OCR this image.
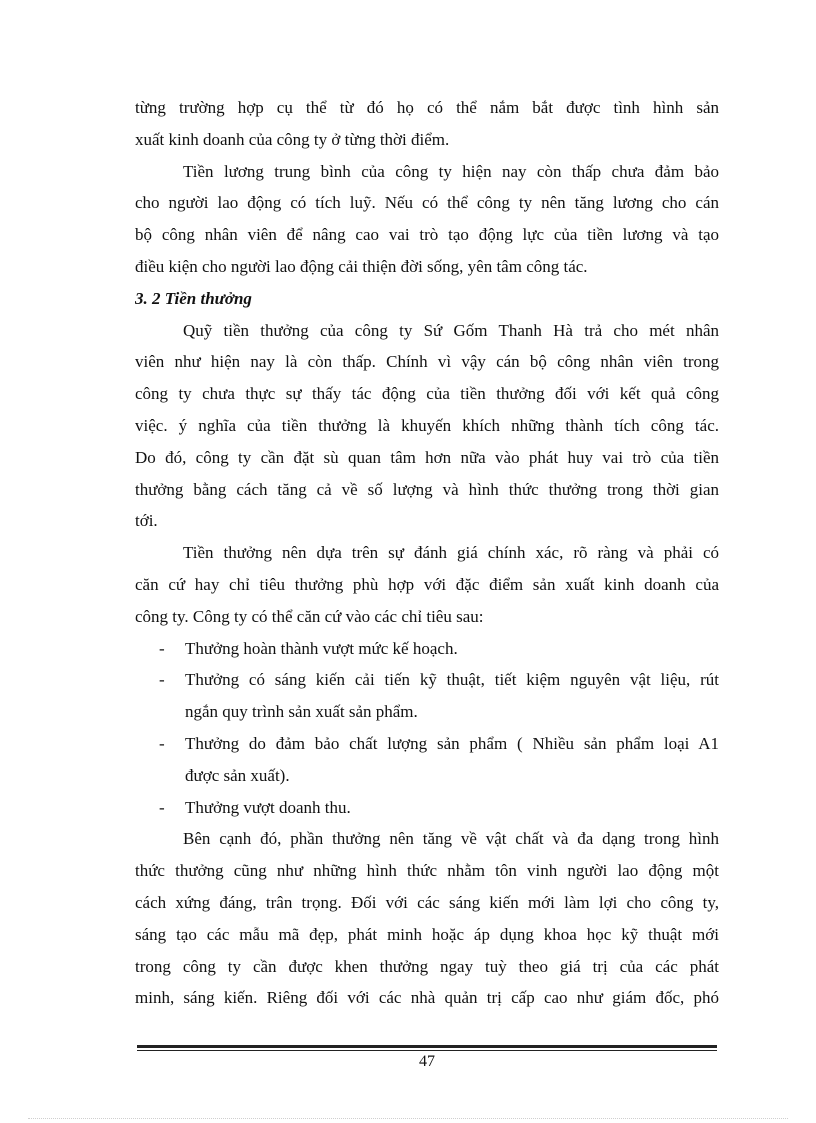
từng trường hợp cụ thể từ đó họ có thể nắm bắt được tình hình sản
xuất kinh doanh của công ty ở từng thời điểm.
Tiền lương trung bình của công ty hiện nay còn thấp chưa đảm bảo
cho người lao động có tích luỹ. Nếu có thể công ty nên tăng lương cho cán
bộ công nhân viên để nâng cao vai trò tạo động lực của tiền lương và tạo
điều kiện cho người lao động cải thiện đời sống, yên tâm công tác.
3. 2 Tiền thưởng
Quỹ tiền thưởng của công ty Sứ Gốm Thanh Hà trả cho mét nhân
viên như hiện nay là còn thấp. Chính vì vậy cán bộ công nhân viên trong
công ty chưa thực sự thấy tác động của tiền thưởng đối với kết quả công
việc. ý nghĩa của tiền thưởng là khuyến khích những thành tích công tác.
Do đó, công ty cần đặt sù quan tâm hơn nữa vào phát huy vai trò của tiền
thưởng bằng cách tăng cả về số lượng và hình thức thưởng trong thời gian
tới.
Tiền thưởng nên dựa trên sự đánh giá chính xác, rõ ràng và phải có
căn cứ hay chỉ tiêu thưởng phù hợp với đặc điểm sản xuất kinh doanh của
công ty. Công ty có thể căn cứ vào các chỉ tiêu sau:
- Thưởng hoàn thành vượt mức kế hoạch.
- Thưởng có sáng kiến cải tiến kỹ thuật, tiết kiệm nguyên vật liệu, rút
ngắn quy trình sản xuất sản phẩm.
- Thưởng do đảm bảo chất lượng sản phẩm ( Nhiều sản phẩm loại A1
được sản xuất).
- Thưởng vượt doanh thu.
Bên cạnh đó, phần thưởng nên tăng về vật chất và đa dạng trong hình
thức thưởng cũng như những hình thức nhằm tôn vinh người lao động một
cách xứng đáng, trân trọng. Đối với các sáng kiến mới làm lợi cho công ty,
sáng tạo các mẫu mã đẹp, phát minh hoặc áp dụng khoa học kỹ thuật mới
trong công ty cần được khen thưởng ngay tuỳ theo giá trị của các phát
minh, sáng kiến. Riêng đối với các nhà quản trị cấp cao như giám đốc, phó
47
